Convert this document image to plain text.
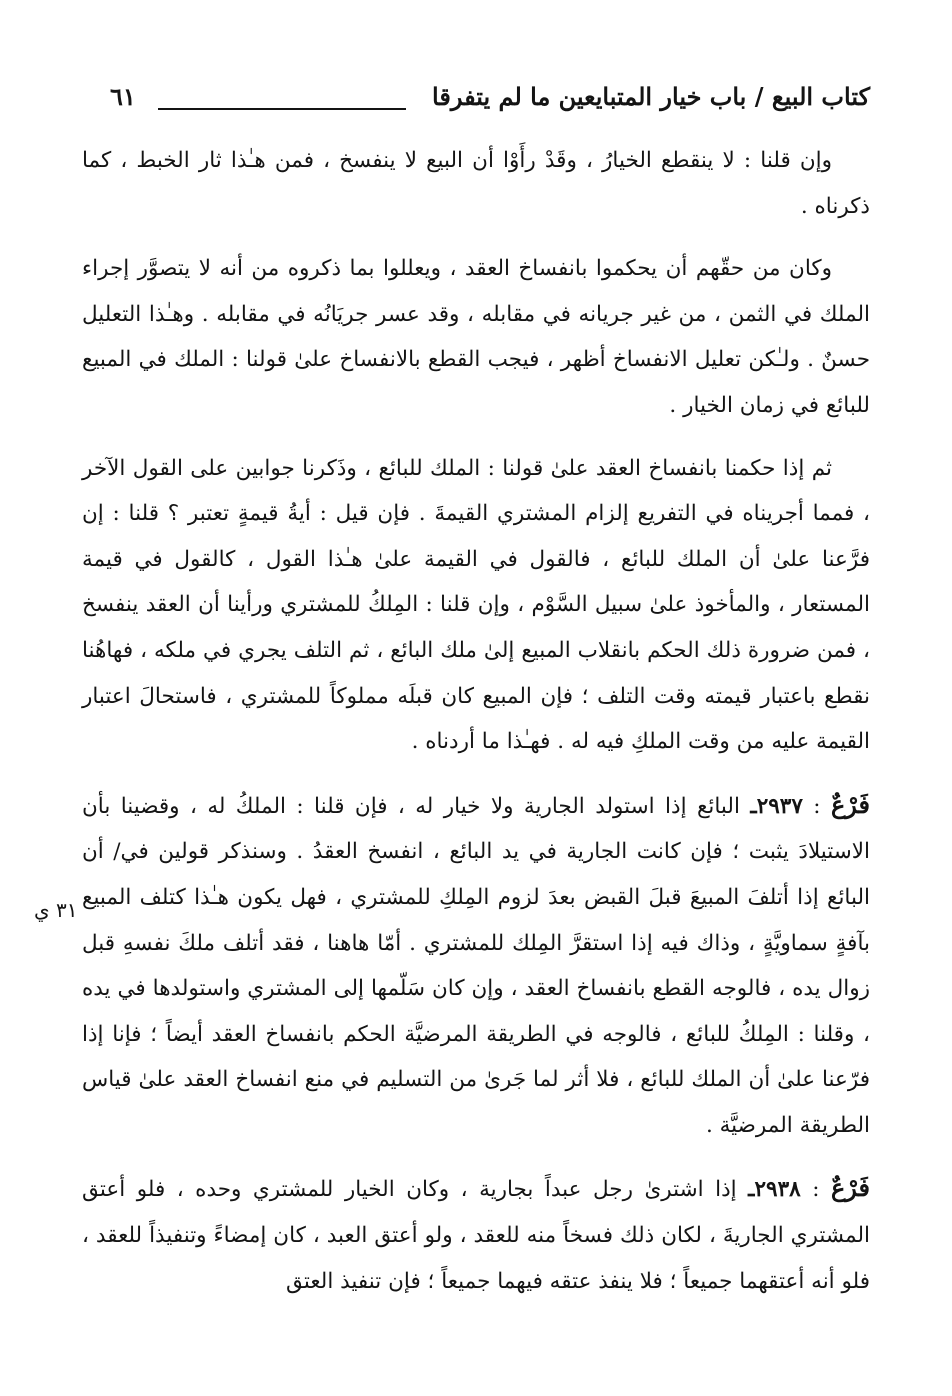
كتاب البيع / باب خيار المتبايعين ما لم يتفرقا
٦١
٣١ ي

وإن قلنا : لا ينقطع الخيارُ ، وقَدْ رأَوْا أن البيع لا ينفسخ ، فمن هـٰذا ثار الخبط ، كما ذكرناه .

وكان من حقّهم أن يحكموا بانفساخ العقد ، ويعللوا بما ذكروه من أنه لا يتصوَّر إجراء الملك في الثمن ، من غير جريانه في مقابله ، وقد عسر جريَانُه في مقابله . وهـٰذا التعليل حسنٌ . ولـٰكن تعليل الانفساخ أظهر ، فيجب القطع بالانفساخ علىٰ قولنا : الملك في المبيع للبائع في زمان الخيار .

ثم إذا حكمنا بانفساخ العقد علىٰ قولنا : الملك للبائع ، وذَكرنا جوابين على القول الآخر ، فمما أجريناه في التفريع إلزام المشتري القيمةَ . فإن قيل : أيةُ قيمةٍ تعتبر ؟ قلنا : إن فرَّعنا علىٰ أن الملك للبائع ، فالقول في القيمة علىٰ هـٰذا القول ، كالقول في قيمة المستعار ، والمأخوذ علىٰ سبيل السَّوْم ، وإن قلنا : المِلكُ للمشتري ورأينا أن العقد ينفسخ ، فمن ضرورة ذلك الحكم بانقلاب المبيع إلىٰ ملك البائع ، ثم التلف يجري في ملكه ، فهاهُنا نقطع باعتبار قيمته وقت التلف ؛ فإن المبيع كان قبلَه مملوكاً للمشتري ، فاستحالَ اعتبار القيمة عليه من وقت الملكِ فيه له . فهـٰذا ما أردناه .

فَرْعٌ : ٢٩٣٧ـ البائع إذا استولد الجارية ولا خيار له ، فإن قلنا : الملكُ له ، وقضينا بأن الاستيلادَ يثبت ؛ فإن كانت الجارية في يد البائع ، انفسخ العقدُ . وسنذكر قولين في/ أن البائع إذا أتلفَ المبيعَ قبلَ القبض بعدَ لزوم المِلكِ للمشتري ، فهل يكون هـٰذا كتلف المبيع بآفةٍ سماويَّةٍ ، وذاك فيه إذا استقرَّ المِلك للمشتري . أمّا هاهنا ، فقد أتلف ملكَ نفسهِ قبل زوال يده ، فالوجه القطع بانفساخ العقد ، وإن كان سَلّمها إلى المشتري واستولدها في يده ، وقلنا : المِلكُ للبائع ، فالوجه في الطريقة المرضيَّة الحكم بانفساخ العقد أيضاً ؛ فإنا إذا فرّعنا علىٰ أن الملك للبائع ، فلا أثر لما جَرىٰ من التسليم في منع انفساخ العقد علىٰ قياس الطريقة المرضيَّة .

فَرْعٌ : ٢٩٣٨ـ إذا اشترىٰ رجل عبداً بجارية ، وكان الخيار للمشتري وحده ، فلو أعتق المشتري الجاريةَ ، لكان ذلك فسخاً منه للعقد ، ولو أعتق العبد ، كان إمضاءً وتنفيذاً للعقد ، فلو أنه أعتقهما جميعاً ؛ فلا ينفذ عتقه فيهما جميعاً ؛ فإن تنفيذ العتق
